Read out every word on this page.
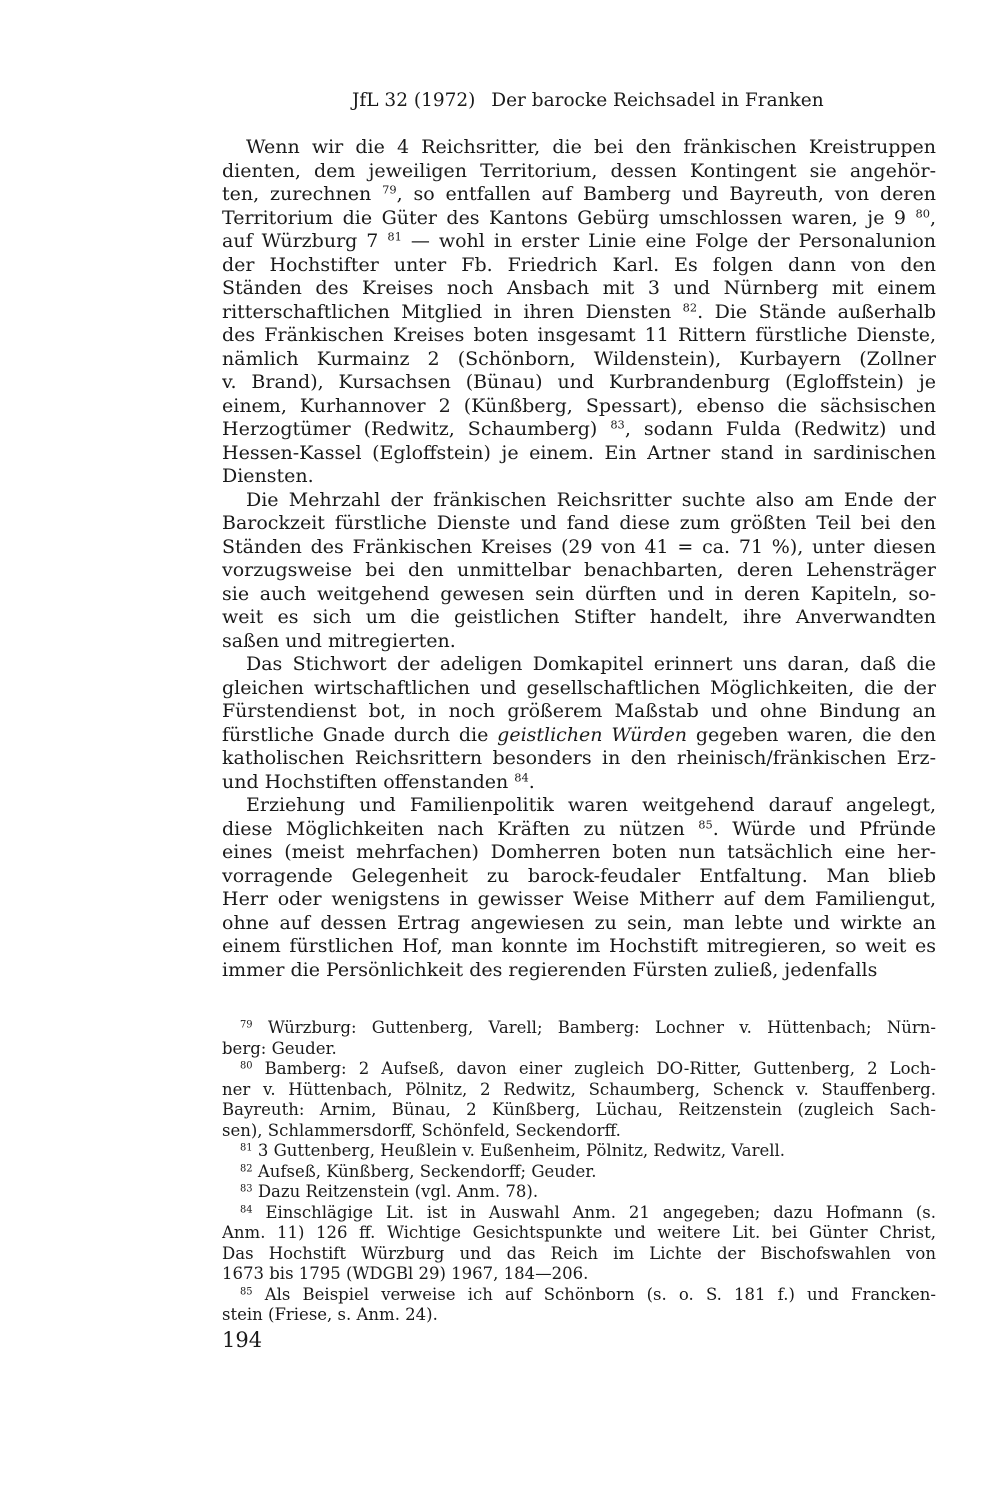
JfL 32 (1972) Der barocke Reichsadel in Franken
Wenn wir die 4 Reichsritter, die bei den fränkischen Kreistruppen
dienten, dem jeweiligen Territorium, dessen Kontingent sie angehör-
ten, zurechnen $^{79}$, so entfallen auf Bamberg und Bayreuth, von deren
Territorium die Güter des Kantons Gebürg umschlossen waren, je 9 $^{80}$,
auf Würzburg 7 $^{81}$ — wohl in erster Linie eine Folge der Personalunion
der Hochstifter unter Fb. Friedrich Karl. Es folgen dann von den
Ständen des Kreises noch Ansbach mit 3 und Nürnberg mit einem
ritterschaftlichen Mitglied in ihren Diensten $^{82}$. Die Stände außerhalb
des Fränkischen Kreises boten insgesamt 11 Rittern fürstliche Dienste,
nämlich Kurmainz 2 (Schönborn, Wildenstein), Kurbayern (Zollner
v. Brand), Kursachsen (Bünau) und Kurbrandenburg (Egloffstein) je
einem, Kurhannover 2 (Künßberg, Spessart), ebenso die sächsischen
Herzogtümer (Redwitz, Schaumberg) $^{83}$, sodann Fulda (Redwitz) und
Hessen-Kassel (Egloffstein) je einem. Ein Artner stand in sardinischen
Diensten.
Die Mehrzahl der fränkischen Reichsritter suchte also am Ende der
Barockzeit fürstliche Dienste und fand diese zum größten Teil bei den
Ständen des Fränkischen Kreises (29 von 41 = ca. 71 %), unter diesen
vorzugsweise bei den unmittelbar benachbarten, deren Lehensträger
sie auch weitgehend gewesen sein dürften und in deren Kapiteln, so-
weit es sich um die geistlichen Stifter handelt, ihre Anverwandten
saßen und mitregierten.
Das Stichwort der adeligen Domkapitel erinnert uns daran, daß die
gleichen wirtschaftlichen und gesellschaftlichen Möglichkeiten, die der
Fürstendienst bot, in noch größerem Maßstab und ohne Bindung an
fürstliche Gnade durch die geistlichen Würden gegeben waren, die den
katholischen Reichsrittern besonders in den rheinisch/fränkischen Erz-
und Hochstiften offenstanden $^{84}$.
Erziehung und Familienpolitik waren weitgehend darauf angelegt,
diese Möglichkeiten nach Kräften zu nützen $^{85}$. Würde und Pfründe
eines (meist mehrfachen) Domherren boten nun tatsächlich eine her-
vorragende Gelegenheit zu barock-feudaler Entfaltung. Man blieb
Herr oder wenigstens in gewisser Weise Mitherr auf dem Familiengut,
ohne auf dessen Ertrag angewiesen zu sein, man lebte und wirkte an
einem fürstlichen Hof, man konnte im Hochstift mitregieren, so weit es
immer die Persönlichkeit des regierenden Fürsten zuließ, jedenfalls
$^{79}$ Würzburg: Guttenberg, Varell; Bamberg: Lochner v. Hüttenbach; Nürn-
berg: Geuder.
$^{80}$ Bamberg: 2 Aufseß, davon einer zugleich DO-Ritter, Guttenberg, 2 Loch-
ner v. Hüttenbach, Pölnitz, 2 Redwitz, Schaumberg, Schenck v. Stauffenberg.
Bayreuth: Arnim, Bünau, 2 Künßberg, Lüchau, Reitzenstein (zugleich Sach-
sen), Schlammersdorff, Schönfeld, Seckendorff.
$^{81}$ 3 Guttenberg, Heußlein v. Eußenheim, Pölnitz, Redwitz, Varell.
$^{82}$ Aufseß, Künßberg, Seckendorff; Geuder.
$^{83}$ Dazu Reitzenstein (vgl. Anm. 78).
$^{84}$ Einschlägige Lit. ist in Auswahl Anm. 21 angegeben; dazu Hofmann (s.
Anm. 11) 126 ff. Wichtige Gesichtspunkte und weitere Lit. bei Günter Christ,
Das Hochstift Würzburg und das Reich im Lichte der Bischofswahlen von
1673 bis 1795 (WDGBl 29) 1967, 184—206.
$^{85}$ Als Beispiel verweise ich auf Schönborn (s. o. S. 181 f.) und Francken-
stein (Friese, s. Anm. 24).
194
